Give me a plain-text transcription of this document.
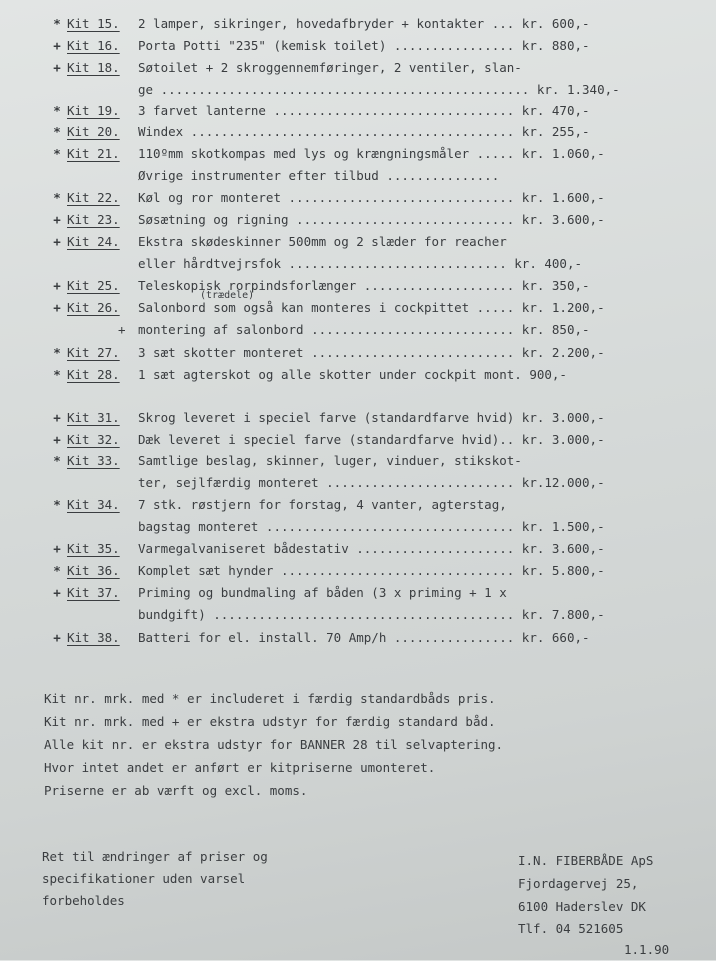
* Kit 15. 2 lamper, sikringer, hovedafbryder + kontakter ... kr. 600,-
+ Kit 16. Porta Potti "235" (kemisk toilet) ................ kr. 880,-
+ Kit 18. Søtoilet + 2 skroggennemføringer, 2 ventiler, slan-
ge ................................................. kr. 1.340,-
* Kit 19. 3 farvet lanterne ................................ kr. 470,-
* Kit 20. Windex ........................................... kr. 255,-
* Kit 21. 110ºmm skotkompas med lys og krængningsmåler ..... kr. 1.060,-
Øvrige instrumenter efter tilbud ...............
* Kit 22. Køl og ror monteret .............................. kr. 1.600,-
+ Kit 23. Søsætning og rigning ............................. kr. 3.600,-
+ Kit 24. Ekstra skødeskinner 500mm og 2 slæder for reacher
eller hårdtvejrsfok ............................. kr. 400,-
+ Kit 25. Teleskopisk rorpindsforlænger .................... kr. 350,-
+ Kit 26. Salonbord som også kan monteres i cockpittet ..... kr. 1.200,-
(trædele)
+ montering af salonbord ........................... kr. 850,-
* Kit 27. 3 sæt skotter monteret ........................... kr. 2.200,-
* Kit 28. 1 sæt agterskot og alle skotter under cockpit mont. 900,-
+ Kit 31. Skrog leveret i speciel farve (standardfarve hvid) kr. 3.000,-
+ Kit 32. Dæk leveret i speciel farve (standardfarve hvid).. kr. 3.000,-
* Kit 33. Samtlige beslag, skinner, luger, vinduer, stikskot-
ter, sejlfærdig monteret ......................... kr.12.000,-
* Kit 34. 7 stk. røstjern for forstag, 4 vanter, agterstag,
bagstag monteret ................................. kr. 1.500,-
+ Kit 35. Varmegalvaniseret bådestativ ..................... kr. 3.600,-
* Kit 36. Komplet sæt hynder ............................... kr. 5.800,-
+ Kit 37. Priming og bundmaling af båden (3 x priming + 1 x
bundgift) ........................................ kr. 7.800,-
+ Kit 38. Batteri for el. install. 70 Amp/h ................ kr. 660,-
Kit nr. mrk. med * er includeret i færdig standardbåds pris.
Kit nr. mrk. med + er ekstra udstyr for færdig standard båd.
Alle kit nr. er ekstra udstyr for BANNER 28 til selvaptering.
Hvor intet andet er anført er kitpriserne umonteret.
Priserne er ab værft og excl. moms.
Ret til ændringer af priser og
specifikationer uden varsel
forbeholdes
I.N. FIBERBÅDE ApS
Fjordagervej 25,
6100 Haderslev DK
Tlf. 04 521605
1.1.90
